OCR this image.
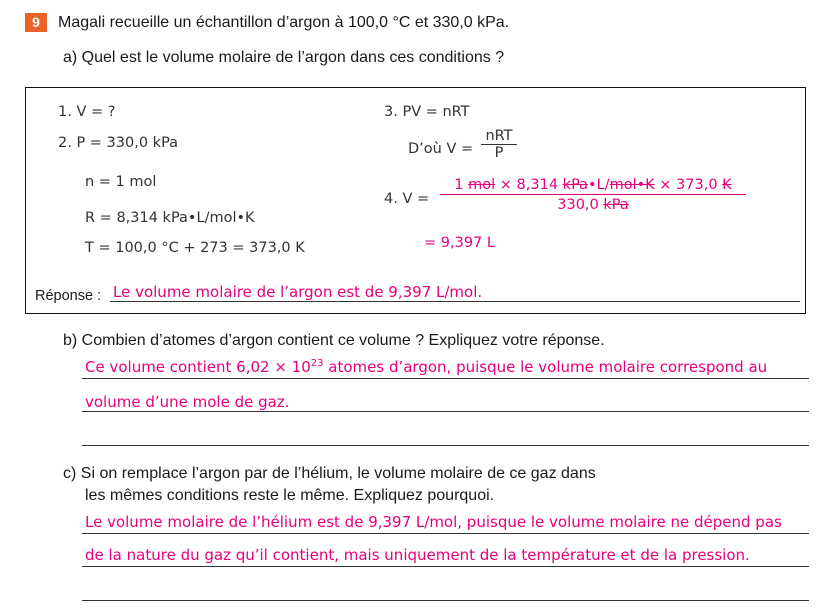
9	Magali recueille un échantillon d’argon à 100,0 °C et 330,0 kPa.
a) Quel est le volume molaire de l’argon dans ces conditions ?
1. V = ?
2. P = 330,0 kPa
n = 1 mol
R = 8,314 kPa•L/mol•K
T = 100,0 °C + 273 = 373,0 K
3. PV = nRT
D’où V =
nRT
P
4. V =
1 mol × 8,314 kPa•L/mol•K × 373,0 K
330,0 kPa
= 9,397 L
Réponse : Le volume molaire de l’argon est de 9,397 L/mol.
b) Combien d’atomes d’argon contient ce volume ? Expliquez votre réponse.
Ce volume contient $6,02 \times 10^{23}$ atomes d’argon, puisque le volume molaire correspond au
volume d’une mole de gaz.
c) Si on remplace l’argon par de l’hélium, le volume molaire de ce gaz dans
les mêmes conditions reste le même. Expliquez pourquoi.
Le volume molaire de l’hélium est de 9,397 L/mol, puisque le volume molaire ne dépend pas
de la nature du gaz qu’il contient, mais uniquement de la température et de la pression.
